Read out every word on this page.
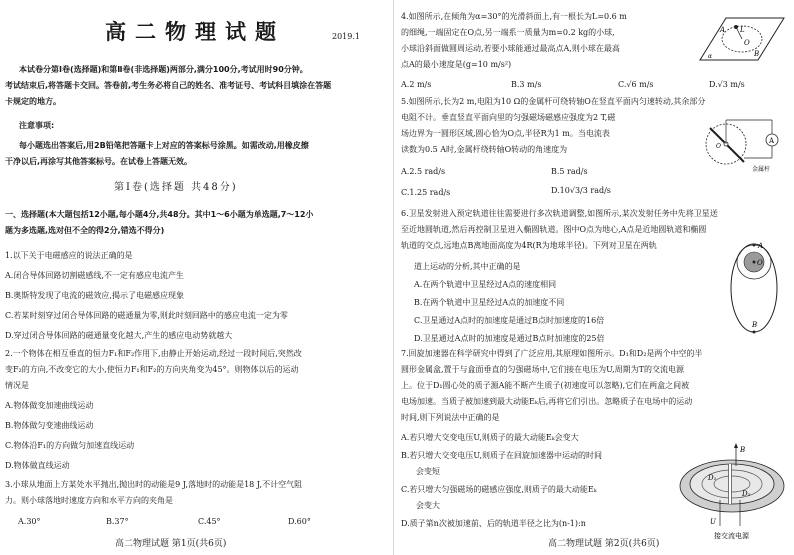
高二物理试题	2019.1
本试卷分第Ⅰ卷(选择题)和第Ⅱ卷(非选择题)两部分,满分100分,考试用时90分钟。
考试结束后,将答题卡交回。答卷前,考生务必将自己的姓名、准考证号、考试科目填涂在答题
卡规定的地方。
注意事项:
每小题选出答案后,用2B铅笔把答题卡上对应的答案标号涂黑。如需改动,用橡皮擦
干净以后,再涂写其他答案标号。在试卷上答题无效。
第Ⅰ卷(选择题 共48分)
一、选择题(本大题包括12小题,每小题4分,共48分。其中1～6小题为单选题,7～12小
题为多选题,选对但不全的得2分,错选不得分)
1.以下关于电磁感应的说法正确的是
A.闭合导体回路切割磁感线,不一定有感应电流产生
B.奥斯特发现了电流的磁效应,揭示了电磁感应现象
C.若某时刻穿过闭合导体回路的磁通量为零,则此时刻回路中的感应电流一定为零
D.穿过闭合导体回路的磁通量变化越大,产生的感应电动势就越大
2.一个物体在相互垂直的恒力F₁和F₂作用下,由静止开始运动,经过一段时间后,突然改
变F₂的方向,不改变它的大小,使恒力F₁和F₂的方向夹角变为45°。则物体以后的运动
情况是
A.物体做变加速曲线运动
B.物体做匀变速曲线运动
C.物体沿F₁的方向做匀加速直线运动
D.物体做直线运动
3.小球从地面上方某处水平抛出,抛出时的动能是9 J,落地时的动能是18 J,不计空气阻
力。则小球落地时速度方向和水平方向的夹角是
A.30°	B.37°	C.45°	D.60°
高二物理试题 第1页(共6页)
4.如图所示,在倾角为α=30°的光滑斜面上,有一根长为L=0.6 m
的细绳,一端固定在O点,另一端系一质量为m=0.2 kg的小球,
小球沿斜面做圆周运动,若要小球能通过最高点A,则小球在最高
点A的最小速度是(g=10 m/s²)
A.2 m/s	B.3 m/s	C.√6 m/s	D.√3 m/s
A L
O
B
α
5.如图所示,长为2 m,电阻为10 Ω的金属杆可绕转轴O在竖直平面内匀速转动,其余部分
电阻不计。垂直竖直平面向里的匀强磁场磁感应强度为2 T,磁
场边界为一圆形区域,圆心恰为O点,半径R为1 m。当电流表
读数为0.5 A时,金属杆绕转轴O转动的角速度为
A.2.5 rad/s	B.5 rad/s
C.1.25 rad/s	D.10√3/3 rad/s
A
O
金属杆
6.卫星发射进入预定轨道往往需要进行多次轨道调整,如图所示,某次发射任务中先将卫星送
至近地圆轨道,然后再控制卫星进入椭圆轨道。图中O点为地心,A点是近地圆轨道和椭圆
轨道的交点,远地点B离地面高度为4R(R为地球半径)。下列对卫星在两轨
道上运动的分析,其中正确的是
A.在两个轨道中卫星经过A点的速度相同
B.在两个轨道中卫星经过A点的加速度不同
C.卫星通过A点时的加速度是通过B点时加速度的16倍
D.卫星通过A点时的加速度是通过B点时加速度的25倍
A
O
B
7.回旋加速器在科学研究中得到了广泛应用,其原理如图所示。D₁和D₂是两个中空的半
圆形金属盒,置于与盒面垂直的匀强磁场中,它们接在电压为U,周期为T的交流电源
上。位于D₁圆心处的质子源A能不断产生质子(初速度可以忽略),它们在两盒之间被
电场加速。当质子被加速到最大动能Eₖ后,再将它们引出。忽略质子在电场中的运动
时间,则下列说法中正确的是
A.若只增大交变电压U,则质子的最大动能Eₖ会变大
B.若只增大交变电压U,则质子在回旋加速器中运动的时间
会变短
C.若只增大匀强磁场的磁感应强度,则质子的最大动能Eₖ
会变大
D.质子第n次被加速前、后的轨道半径之比为(n-1):n
B
D₁
D₂
U
接交流电源
高二物理试题 第2页(共6页)
